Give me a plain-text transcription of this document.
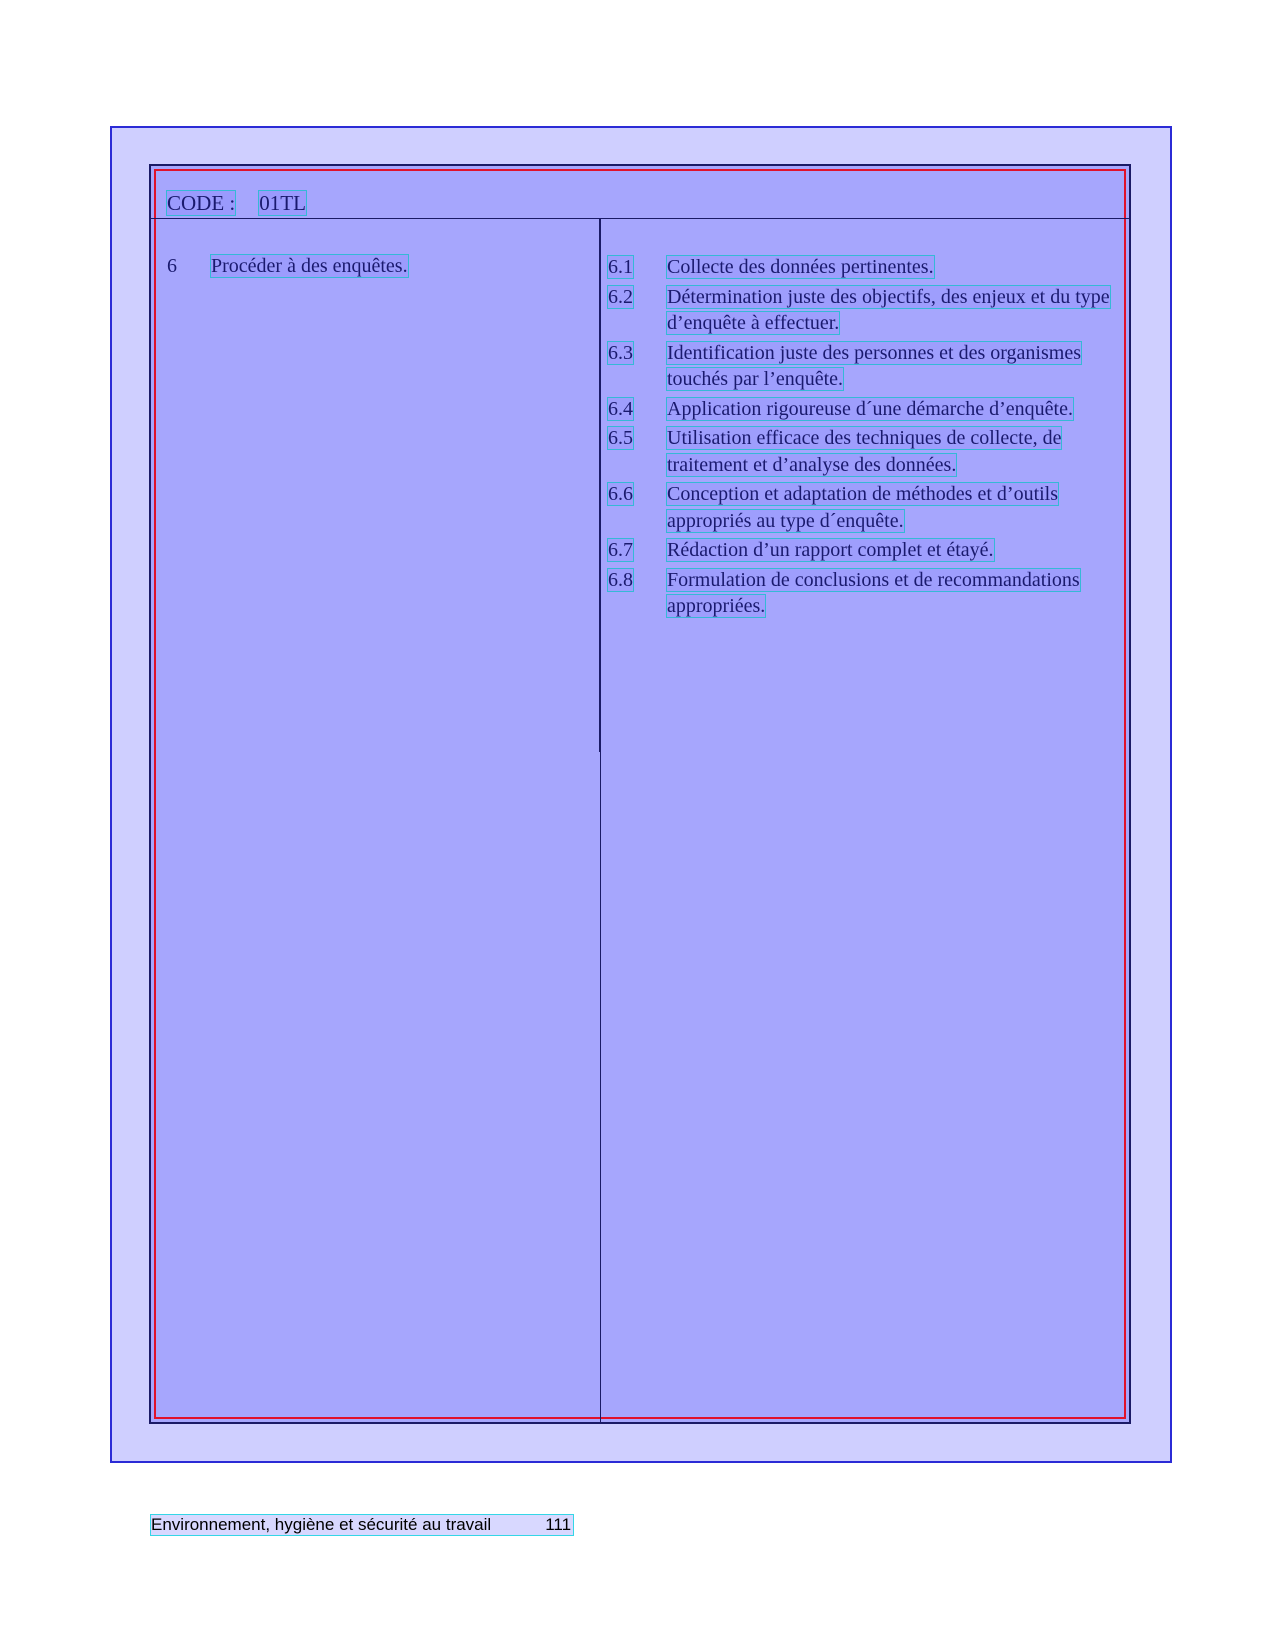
CODE : 01TL
6 Procéder à des enquêtes.	6.1	Collecte des données pertinentes.
6.2	Détermination juste des objectifs, des enjeux et du type d’enquête à effectuer.
6.3	Identification juste des personnes et des organismes touchés par l’enquête.
6.4	Application rigoureuse d´une démarche d’enquête.
6.5	Utilisation efficace des techniques de collecte, de traitement et d’analyse des données.
6.6	Conception et adaptation de méthodes et d’outils appropriés au type d´enquête.
6.7	Rédaction d’un rapport complet et étayé.
6.8	Formulation de conclusions et de recommandations appropriées.
Environnement, hygiène et sécurité au travail	111
